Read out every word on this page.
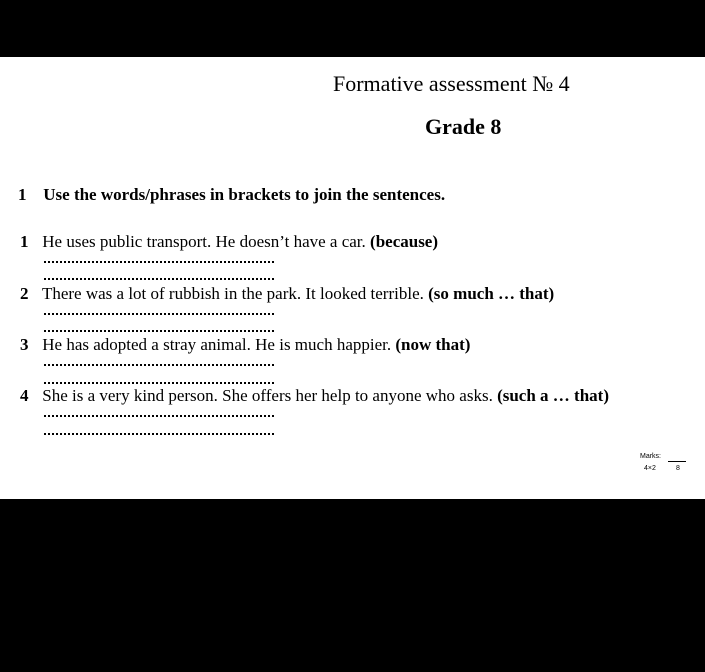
Formative assessment № 4
Grade 8
1 Use the words/phrases in brackets to join the sentences.
1 He uses public transport. He doesn’t have a car. (because)
2 There was a lot of rubbish in the park. It looked terrible. (so much … that)
3 He has adopted a stray animal. He is much happier. (now that)
4 She is a very kind person. She offers her help to anyone who asks. (such a … that)
Marks:
4×2	8
